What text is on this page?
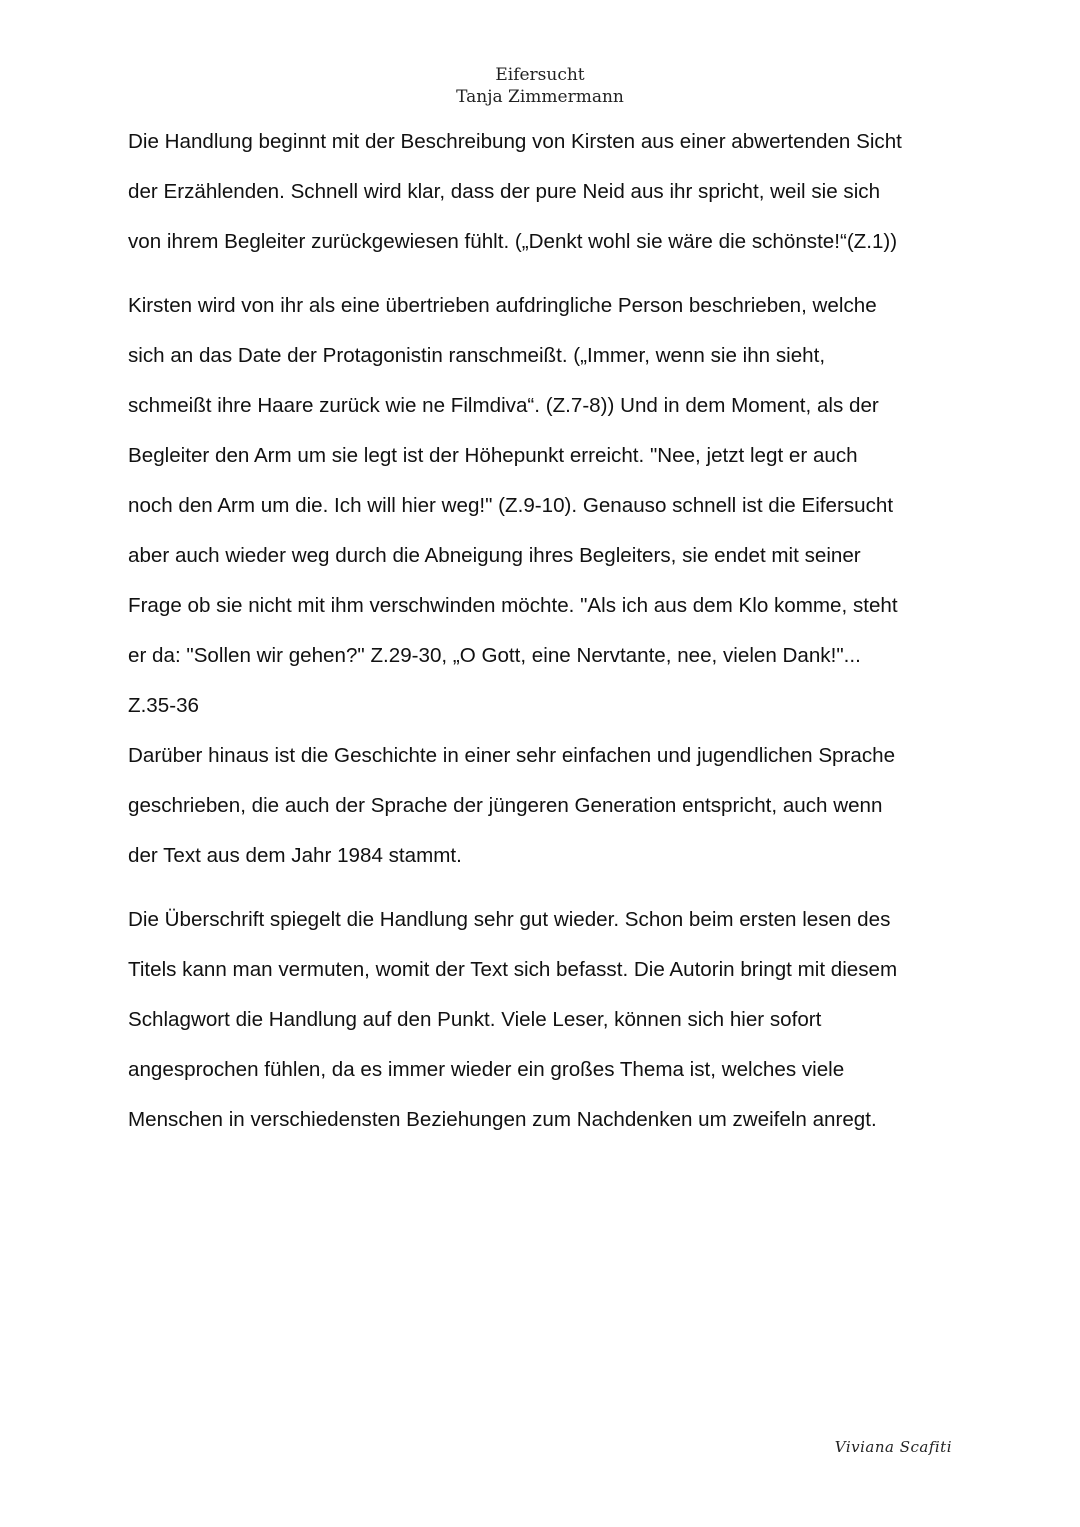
Eifersucht
Tanja Zimmermann
Die Handlung beginnt mit der Beschreibung von Kirsten aus einer abwertenden Sicht
der Erzählenden. Schnell wird klar, dass der pure Neid aus ihr spricht, weil sie sich
von ihrem Begleiter zurückgewiesen fühlt. („Denkt wohl sie wäre die schönste!“(Z.1))
Kirsten wird von ihr als eine übertrieben aufdringliche Person beschrieben, welche
sich an das Date der Protagonistin ranschmeißt. („Immer, wenn sie ihn sieht,
schmeißt ihre Haare zurück wie ne Filmdiva“. (Z.7-8)) Und in dem Moment, als der
Begleiter den Arm um sie legt ist der Höhepunkt erreicht. "Nee, jetzt legt er auch
noch den Arm um die. Ich will hier weg!" (Z.9-10). Genauso schnell ist die Eifersucht
aber auch wieder weg durch die Abneigung ihres Begleiters, sie endet mit seiner
Frage ob sie nicht mit ihm verschwinden möchte. "Als ich aus dem Klo komme, steht
er da: "Sollen wir gehen?" Z.29-30, „O Gott, eine Nervtante, nee, vielen Dank!"...
Z.35-36
Darüber hinaus ist die Geschichte in einer sehr einfachen und jugendlichen Sprache
geschrieben, die auch der Sprache der jüngeren Generation entspricht, auch wenn
der Text aus dem Jahr 1984 stammt.
Die Überschrift spiegelt die Handlung sehr gut wieder. Schon beim ersten lesen des
Titels kann man vermuten, womit der Text sich befasst. Die Autorin bringt mit diesem
Schlagwort die Handlung auf den Punkt. Viele Leser, können sich hier sofort
angesprochen fühlen, da es immer wieder ein großes Thema ist, welches viele
Menschen in verschiedensten Beziehungen zum Nachdenken um zweifeln anregt.
Viviana Scafiti
